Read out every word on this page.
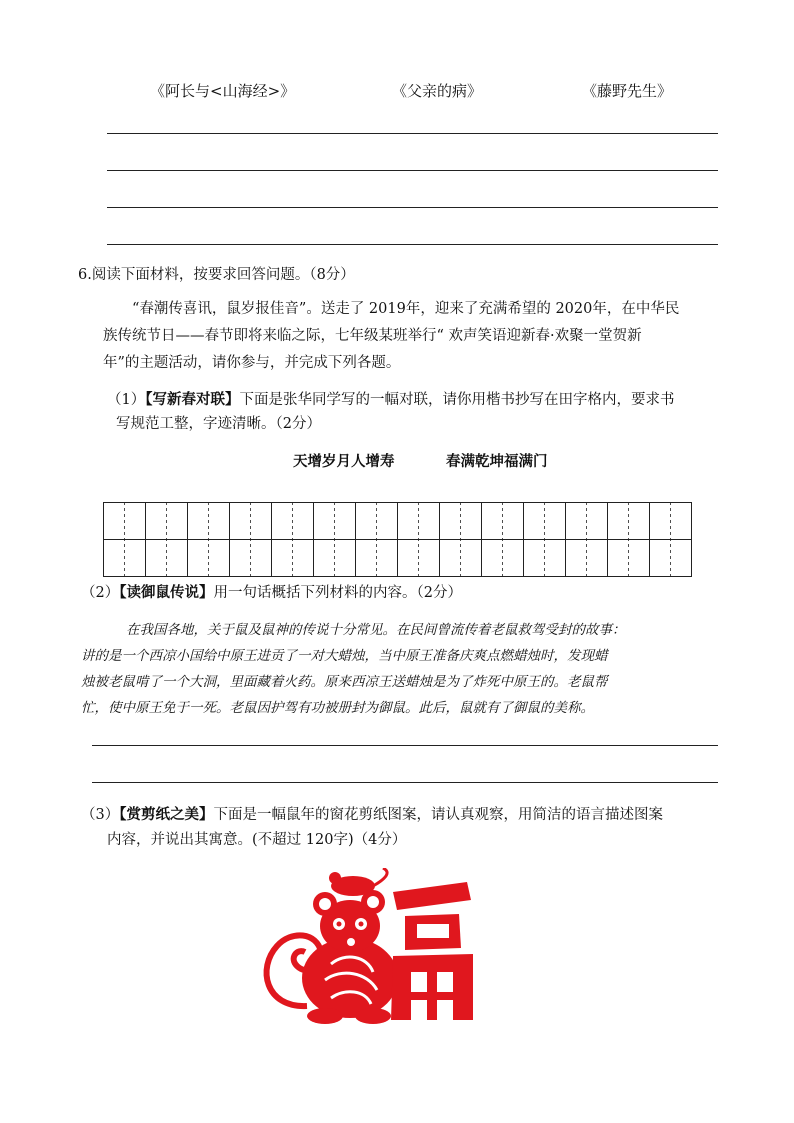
《阿长与<山海经>》	《父亲的病》	《藤野先生》
6.阅读下面材料，按要求回答问题。（8分）
“春潮传喜讯，鼠岁报佳音”。送走了 2019年，迎来了充满希望的 2020年，在中华民
族传统节日——春节即将来临之际，七年级某班举行“ 欢声笑语迎新春·欢聚一堂贺新
年”的主题活动，请你参与，并完成下列各题。
（1）【写新春对联】下面是张华同学写的一幅对联，请你用楷书抄写在田字格内，要求书
写规范工整，字迹清晰。（2分）
天增岁月人增寿	春满乾坤福满门
（2）【读御鼠传说】用一句话概括下列材料的内容。（2分）
在我国各地，关于鼠及鼠神的传说十分常见。在民间曾流传着老鼠救驾受封的故事：
讲的是一个西凉小国给中原王进贡了一对大蜡烛，当中原王准备庆爽点燃蜡烛时，发现蜡
烛被老鼠啃了一个大洞，里面藏着火药。原来西凉王送蜡烛是为了炸死中原王的。老鼠帮
忙，使中原王免于一死。老鼠因护驾有功被册封为御鼠。此后，鼠就有了御鼠的美称。
（3）【赏剪纸之美】下面是一幅鼠年的窗花剪纸图案，请认真观察，用简洁的语言描述图案
内容，并说出其寓意。(不超过 120字)（4分）
